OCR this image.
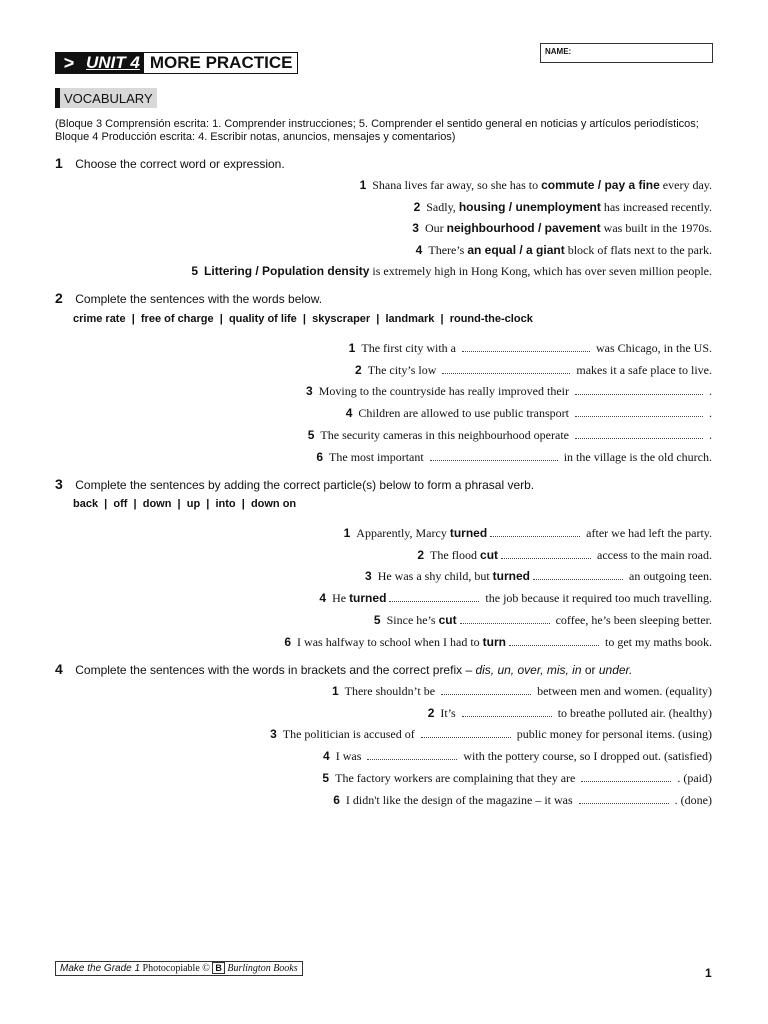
> UNIT 4 MORE PRACTICE
NAME:
VOCABULARY
(Bloque 3 Comprensión escrita: 1. Comprender instrucciones; 5. Comprender el sentido general en noticias y artículos periodísticos; Bloque 4 Producción escrita: 4. Escribir notas, anuncios, mensajes y comentarios)
1 Choose the correct word or expression.
1 Shana lives far away, so she has to commute / pay a fine every day.
2 Sadly, housing / unemployment has increased recently.
3 Our neighbourhood / pavement was built in the 1970s.
4 There’s an equal / a giant block of flats next to the park.
5 Littering / Population density is extremely high in Hong Kong, which has over seven million people.
2 Complete the sentences with the words below.
crime rate  |  free of charge  |  quality of life  |  skyscraper  |  landmark  |  round-the-clock
1 The first city with a	was Chicago, in the US.
2 The city’s low	makes it a safe place to live.
3 Moving to the countryside has really improved their	.
4 Children are allowed to use public transport	.
5 The security cameras in this neighbourhood operate	.
6 The most important	in the village is the old church.
3 Complete the sentences by adding the correct particle(s) below to form a phrasal verb.
back  |  off  |  down  |  up  |  into  |  down on
1 Apparently, Marcy turned	after we had left the party.
2 The flood cut	access to the main road.
3 He was a shy child, but turned	an outgoing teen.
4 He turned	the job because it required too much travelling.
5 Since he’s cut	coffee, he’s been sleeping better.
6 I was halfway to school when I had to turn	to get my maths book.
4 Complete the sentences with the words in brackets and the correct prefix – dis, un, over, mis, in or under.
1 There shouldn’t be	between men and women. (equality)
2 It’s	to breathe polluted air. (healthy)
3 The politician is accused of	public money for personal items. (using)
4 I was	with the pottery course, so I dropped out. (satisfied)
5 The factory workers are complaining that they are	. (paid)
6 I didn't like the design of the magazine – it was	. (done)
Make the Grade 1 Photocopiable © B Burlington Books	1
